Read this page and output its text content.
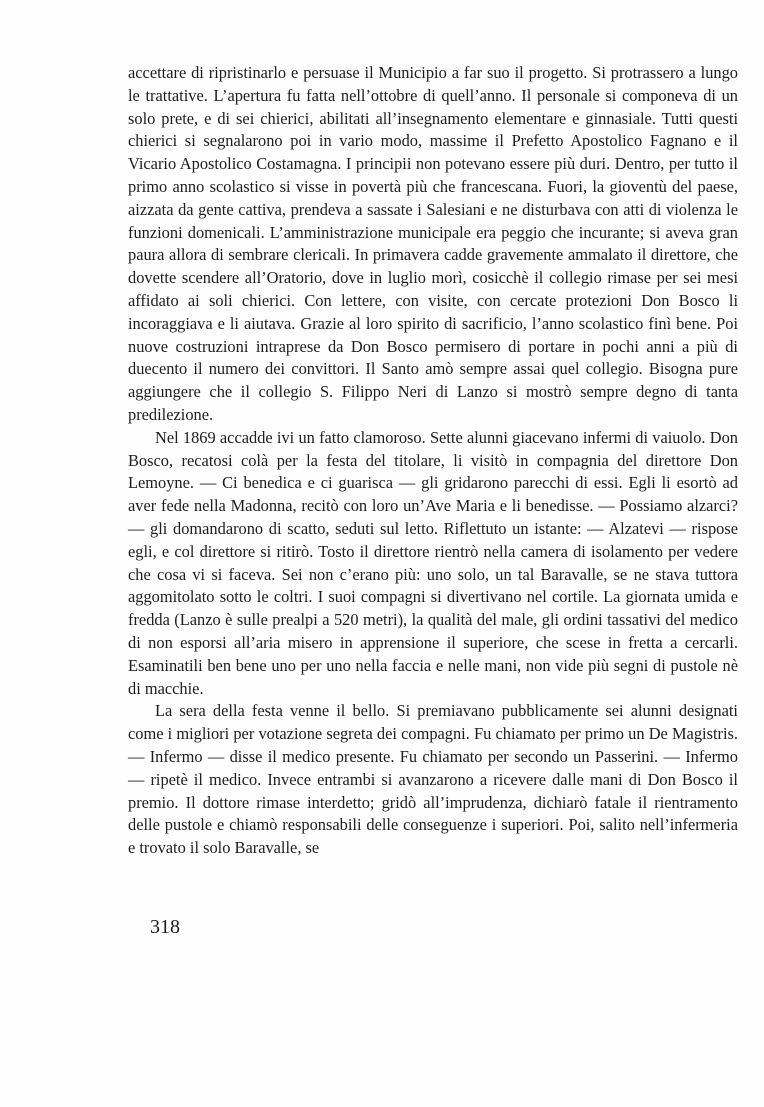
accettare di ripristinarlo e persuase il Municipio a far suo il progetto. Si protrassero a lungo le trattative. L’apertura fu fatta nell’ottobre di quell’anno. Il personale si componeva di un solo prete, e di sei chierici, abilitati all’insegnamento elementare e ginnasiale. Tutti questi chierici si segnalarono poi in vario modo, massime il Prefetto Apostolico Fagnano e il Vicario Apostolico Costamagna. I principii non potevano essere più duri. Dentro, per tutto il primo anno scolastico si visse in povertà più che francescana. Fuori, la gioventù del paese, aizzata da gente cattiva, prendeva a sassate i Salesiani e ne disturbava con atti di violenza le funzioni domenicali. L’amministrazione municipale era peggio che incurante; si aveva gran paura allora di sembrare clericali. In primavera cadde gravemente ammalato il direttore, che dovette scendere all’Oratorio, dove in luglio morì, cosicchè il collegio rimase per sei mesi affidato ai soli chierici. Con lettere, con visite, con cercate protezioni Don Bosco li incoraggiava e li aiutava. Grazie al loro spirito di sacrificio, l’anno scolastico finì bene. Poi nuove costruzioni intraprese da Don Bosco permisero di portare in pochi anni a più di duecento il numero dei convittori. Il Santo amò sempre assai quel collegio. Bisogna pure aggiungere che il collegio S. Filippo Neri di Lanzo si mostrò sempre degno di tanta predilezione.

Nel 1869 accadde ivi un fatto clamoroso. Sette alunni giacevano infermi di vaiuolo. Don Bosco, recatosi colà per la festa del titolare, li visitò in compagnia del direttore Don Lemoyne. — Ci benedica e ci guarisca — gli gridarono parecchi di essi. Egli li esortò ad aver fede nella Madonna, recitò con loro un’Ave Maria e li benedisse. — Possiamo alzarci? — gli domandarono di scatto, seduti sul letto. Riflettuto un istante: — Alzatevi — rispose egli, e col direttore si ritirò. Tosto il direttore rientrò nella camera di isolamento per vedere che cosa vi si faceva. Sei non c’erano più: uno solo, un tal Baravalle, se ne stava tuttora aggomitolato sotto le coltri. I suoi compagni si divertivano nel cortile. La giornata umida e fredda (Lanzo è sulle prealpi a 520 metri), la qualità del male, gli ordini tassativi del medico di non esporsi all’aria misero in apprensione il superiore, che scese in fretta a cercarli. Esaminatili ben bene uno per uno nella faccia e nelle mani, non vide più segni di pustole nè di macchie.

La sera della festa venne il bello. Si premiavano pubblicamente sei alunni designati come i migliori per votazione segreta dei compagni. Fu chiamato per primo un De Magistris. — Infermo — disse il medico presente. Fu chiamato per secondo un Passerini. — Infermo — ripetè il medico. Invece entrambi si avanzarono a ricevere dalle mani di Don Bosco il premio. Il dottore rimase interdetto; gridò all’imprudenza, dichiarò fatale il rientramento delle pustole e chiamò responsabili delle conseguenze i superiori. Poi, salito nell’infermeria e trovato il solo Baravalle, se

318
